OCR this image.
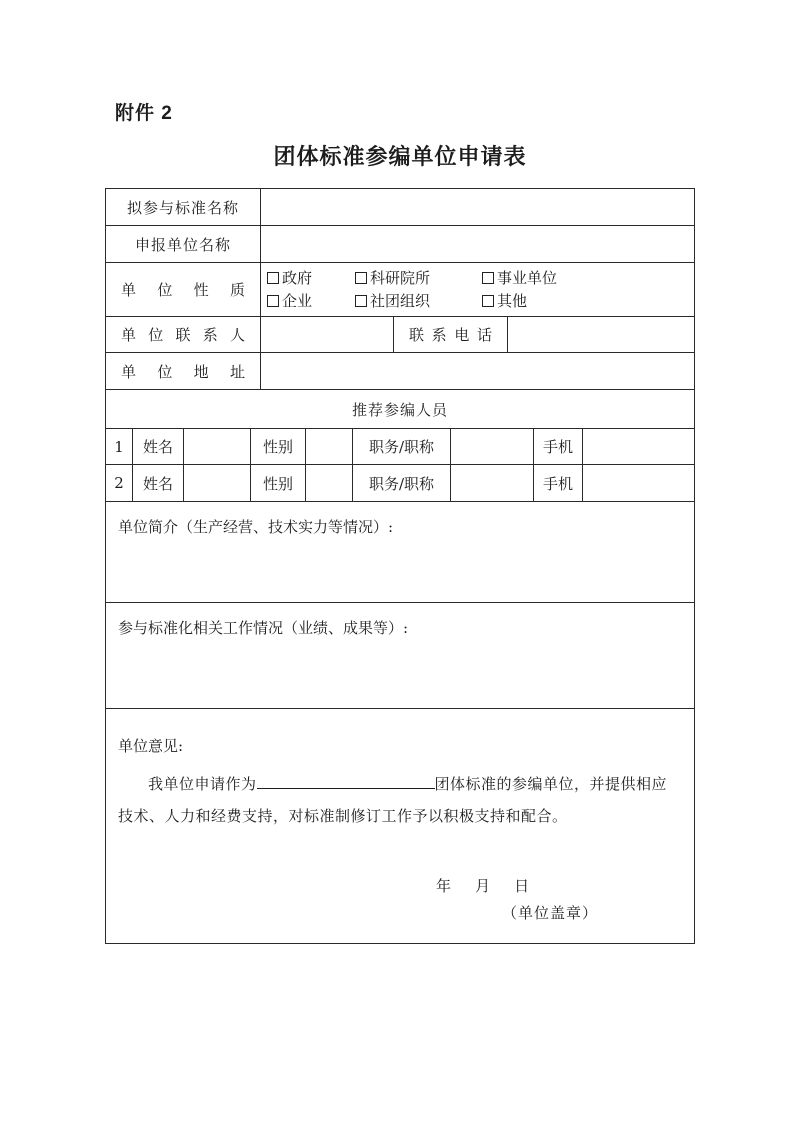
附件 2
团体标准参编单位申请表
拟参与标准名称
申报单位名称
单 位 性 质
政府	科研院所	事业单位
企业	社团组织	其他
单 位 联 系 人	联 系 电 话
单 位 地 址
推荐参编人员
1	姓名	性别	职务/职称	手机
2	姓名	性别	职务/职称	手机
单位简介（生产经营、技术实力等情况）:
参与标准化相关工作情况（业绩、成果等）:
单位意见:

我单位申请作为	团体标准的参编单位，并提供相应技术、人力和经费支持，对标准制修订工作予以积极支持和配合。

年    月    日
（单位盖章）
